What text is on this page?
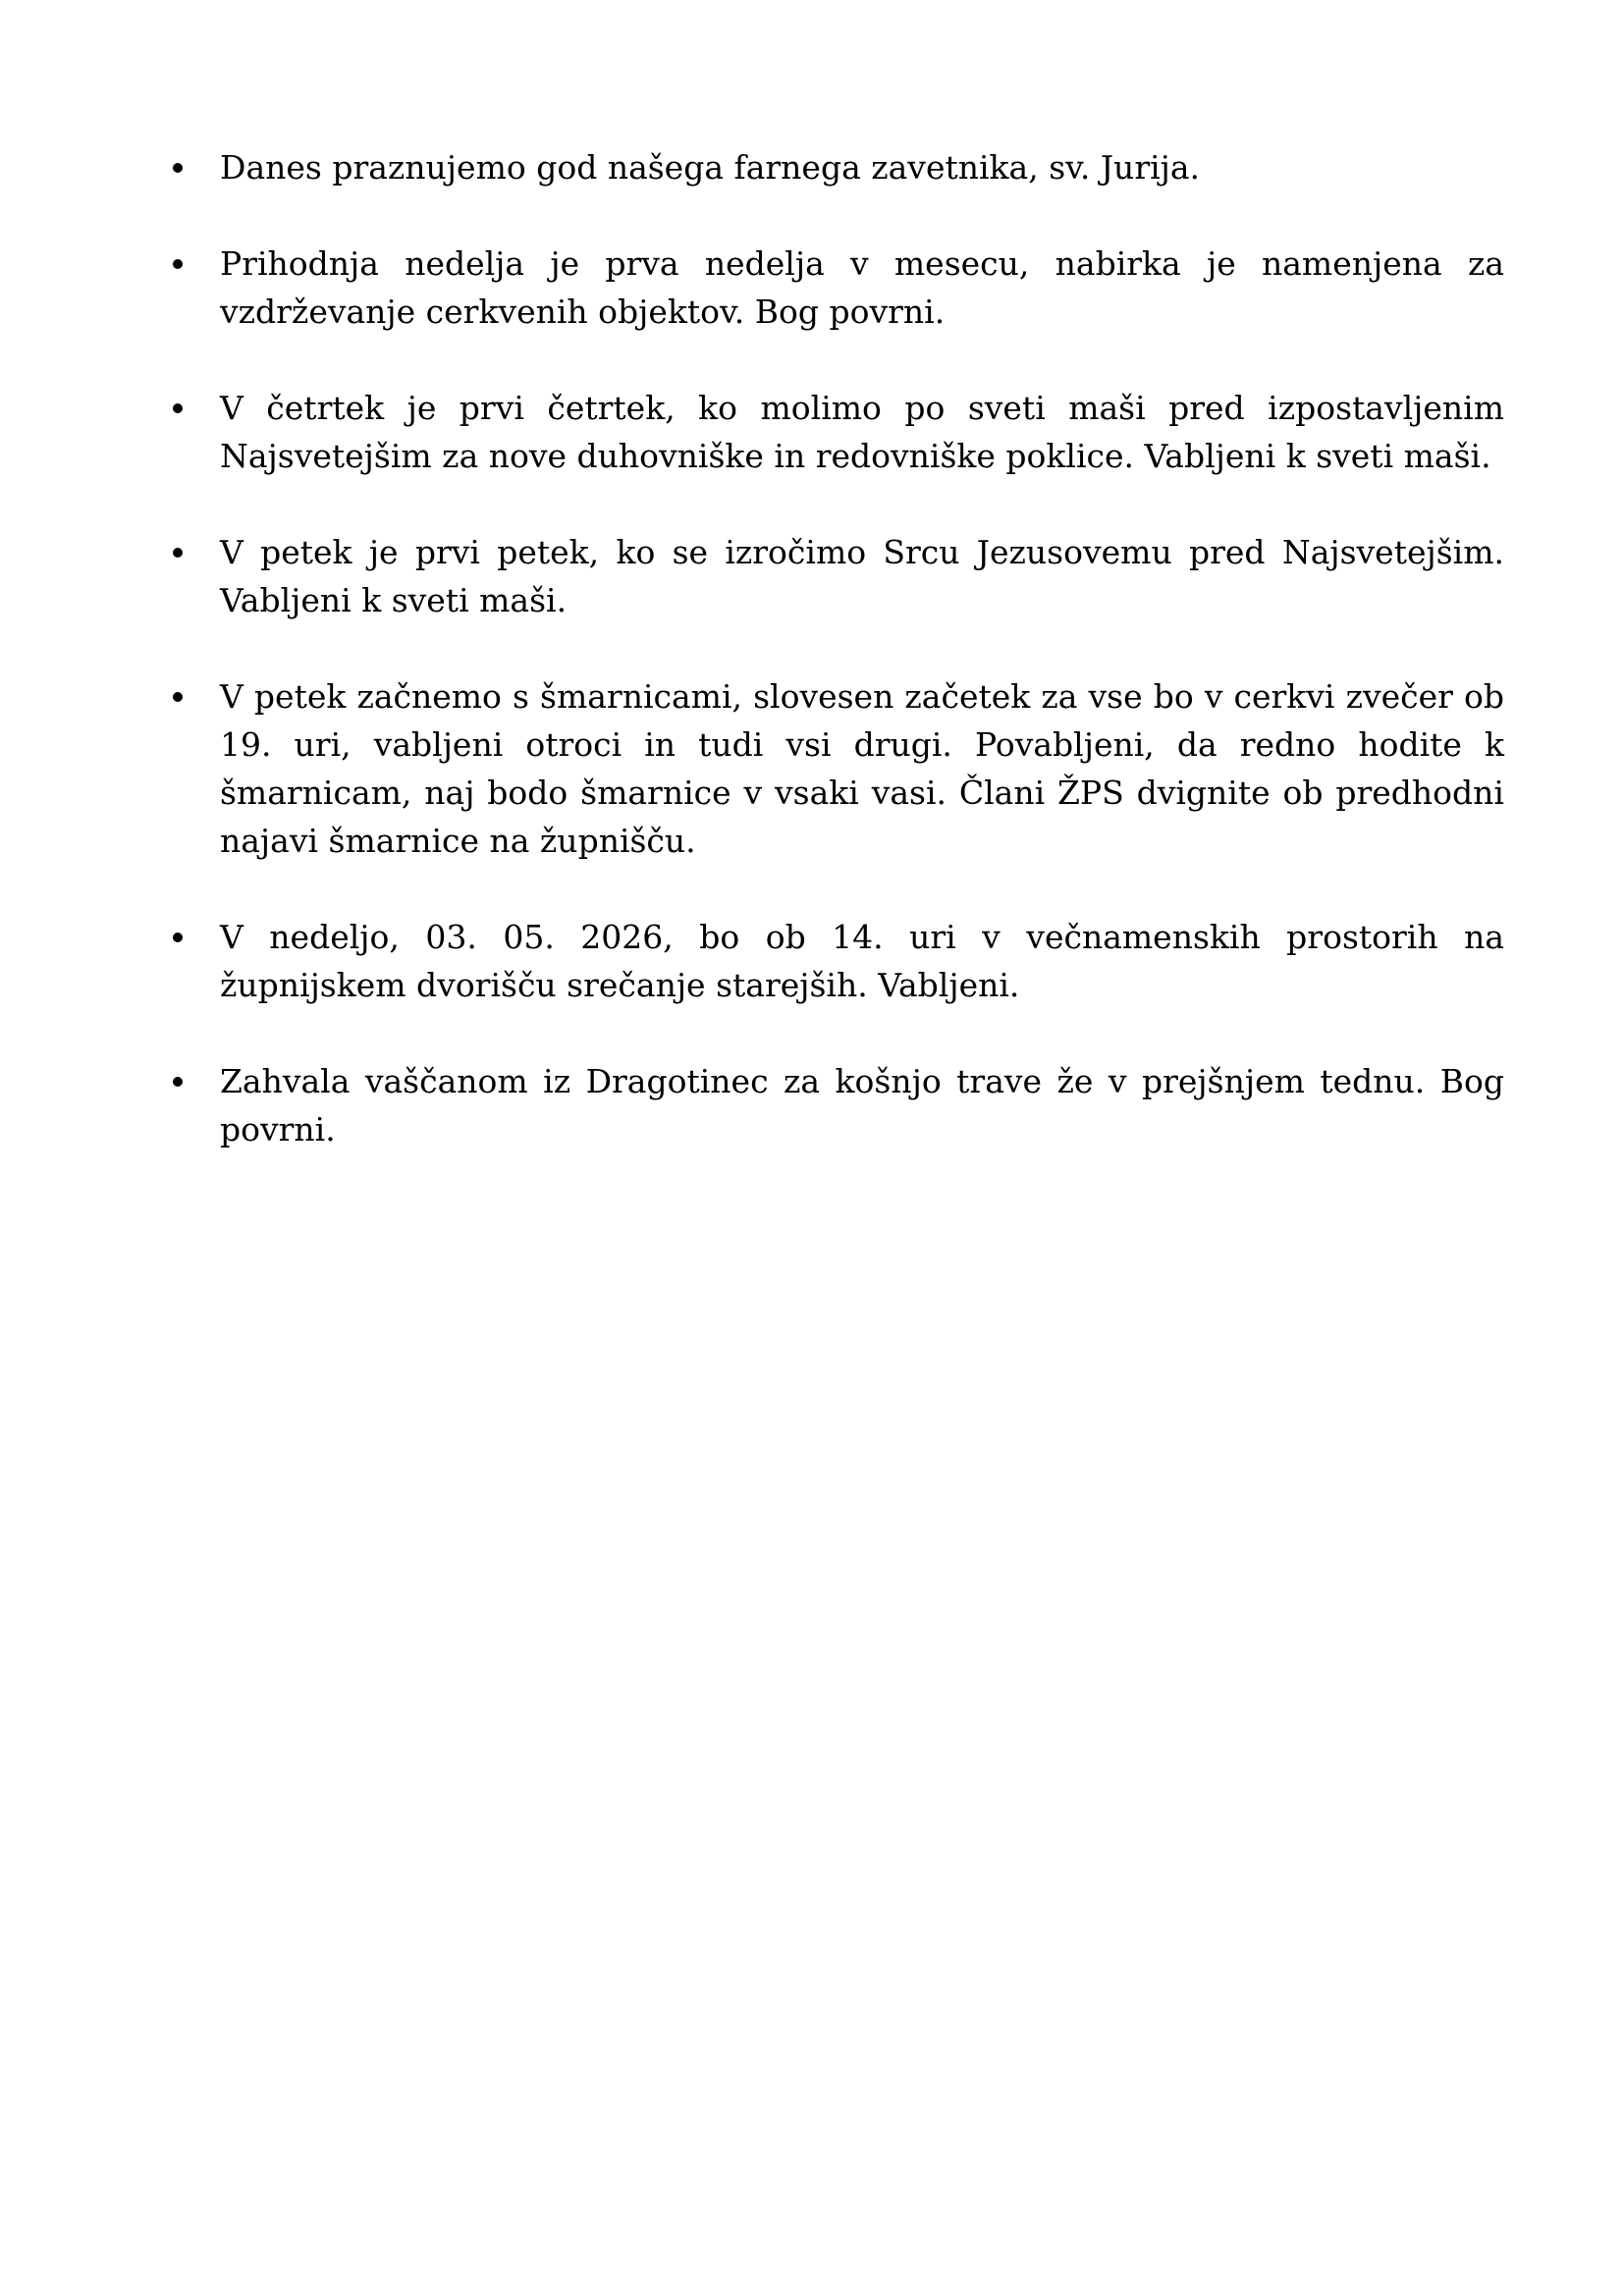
Danes praznujemo god našega farnega zavetnika, sv. Jurija.
Prihodnja nedelja je prva nedelja v mesecu, nabirka je namenjena za vzdrževanje cerkvenih objektov. Bog povrni.
V četrtek je prvi četrtek, ko molimo po sveti maši pred izpostavljenim Najsvetejšim za nove duhovniške in redovniške poklice. Vabljeni k sveti maši.
V petek je prvi petek, ko se izročimo Srcu Jezusovemu pred Najsvetejšim. Vabljeni k sveti maši.
V petek začnemo s šmarnicami, slovesen začetek za vse bo v cerkvi zvečer ob 19. uri, vabljeni otroci in tudi vsi drugi. Povabljeni, da redno hodite k šmarnicam, naj bodo šmarnice v vsaki vasi. Člani ŽPS dvignite ob predhodni najavi šmarnice na župnišču.
V nedeljo, 03. 05. 2026, bo ob 14. uri v večnamenskih prostorih na župnijskem dvorišču srečanje starejših. Vabljeni.
Zahvala vaščanom iz Dragotinec za košnjo trave že v prejšnjem tednu. Bog povrni.
